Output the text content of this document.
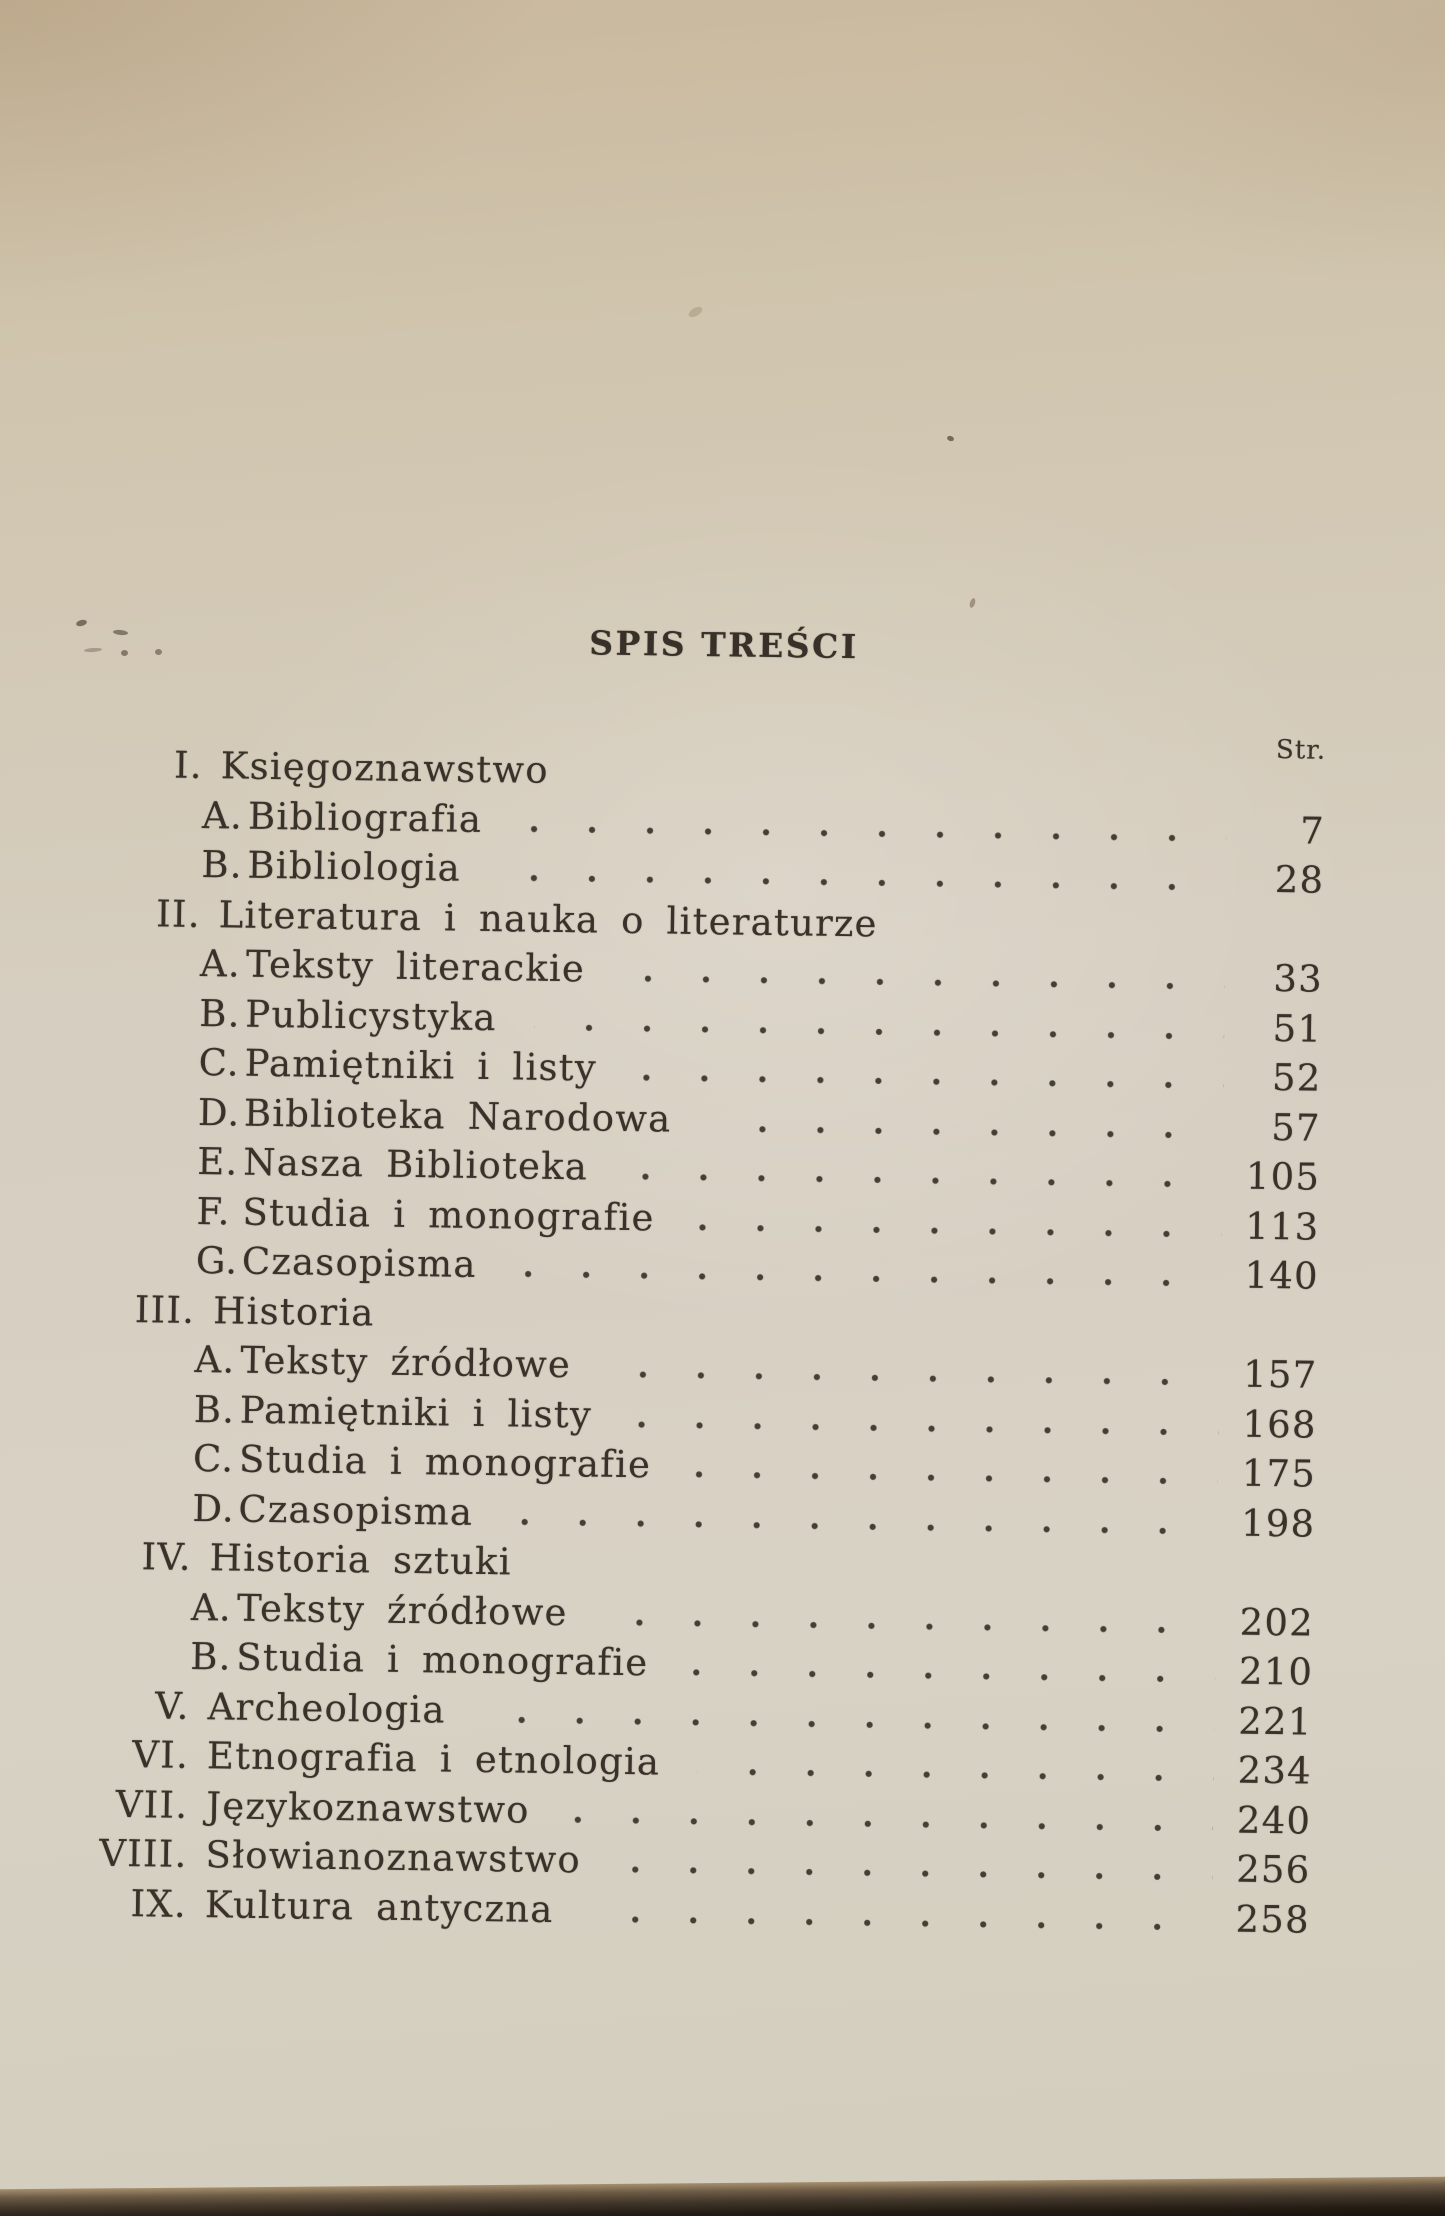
SPIS TREŚCI
Str.
I. Księgoznawstwo
A. Bibliografia	7
B. Bibliologia	28
II. Literatura i nauka o literaturze
A. Teksty literackie	33
B. Publicystyka	51
C. Pamiętniki i listy	52
D. Biblioteka Narodowa	57
E. Nasza Biblioteka	105
F. Studia i monografie	113
G. Czasopisma	140
III. Historia
A. Teksty źródłowe	157
B. Pamiętniki i listy	168
C. Studia i monografie	175
D. Czasopisma	198
IV. Historia sztuki
A. Teksty źródłowe	202
B. Studia i monografie	210
V. Archeologia	221
VI. Etnografia i etnologia	234
VII. Językoznawstwo	240
VIII. Słowianoznawstwo	256
IX. Kultura antyczna	258
